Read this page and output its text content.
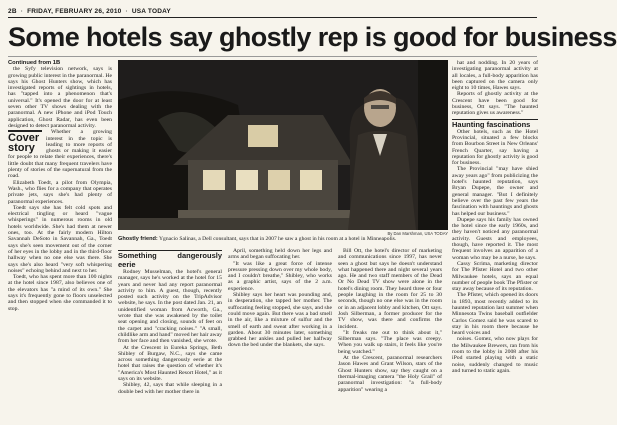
2B · FRIDAY, FEBRUARY 26, 2010 · USA TODAY
Some hotels say ghostly rep is good for business

Continued from 1B

the Syfy television network, says is growing public interest in the paranormal. He says his Ghost Hunters show, which has investigated reports of sightings in hotels, has "tapped into a phenomenon that's universal." It's opened the door for at least seven other TV shows dealing with the paranormal. A new iPhone and iPod Touch application, Ghost Radar, has even been designed to detect paranormal activity.

Cover story

Whether a growing interest in the topic is leading to more reports of ghosts or making it easier for people to relate their experiences, there's little doubt that many frequent travelers have plenty of stories of the supernatural from the road.

Elizabeth Toedt, a pilot from Olympia, Wash., who flies for a company that operates private jets, says she's had plenty of paranormal experiences.

Toedt says she has felt cold spots and electrical tingling or heard "vague whisperings" in numerous rooms in old hotels worldwide. She's had them at newer ones, too. At the fairly modern Hilton Savannah DeSoto in Savannah, Ga., Toedt says she's seen movement out of the corner of her eyes in the lobby and in the third-floor hallway when no one else was there. She says she's also heard "very soft whispering noises" echoing behind and next to her.

Toedt, who has spent more than 100 nights at the hotel since 1987, also believes one of the elevators has "a mind of its own." She says it's frequently gone to floors unselected and then stopped when she commanded it to stop.

By Dan Marshman, USA TODAY
Ghostly friend: Ygnacio Salinas, a Dell consultant, says that in 2007 he saw a ghost in his room at a hotel in Minneapolis.

Something dangerously eerie

Rodney Musselman, the hotel's general manager, says he's worked at the hotel for 15 years and never had any report paranormal activity to him. A guest, though, recently posted such activity on the TripAdvisor website, he says. In the post dated Jan. 21, an unidentified woman from Acworth, Ga., wrote that she was awakened by the toilet seat opening and closing, sounds of feet on the carpet and "cracking noises." "A small, childlike arm and hand" moved her hair away from her face and then vanished, she wrote.

At the Crescent in Eureka Springs, Beth Shibley of Burgaw, N.C., says she came across something dangerously eerie at the hotel that raises the question of whether it's "America's Most Haunted Resort Hotel," as it says on its website.

Shibley, 42, says that while sleeping in a double bed with her mother there in

April, something held down her legs and arms and began suffocating her.

"It was like a great force of intense pressure pressing down over my whole body, and I couldn't breathe," Shibley, who works as a graphic artist, says of the 2 a.m. experience.

Shibley says her heart was pounding and, in desperation, she tapped her mother. The suffocating feeling stopped, she says, and she could move again. But there was a bad smell in the air, like a mixture of sulfur and the smell of earth and sweat after working in a garden. About 30 minutes later, something grabbed her ankles and pulled her halfway down the bed under the blankets, she says.

Bill Ott, the hotel's director of marketing and communications since 1997, has never seen a ghost but says he doesn't understand what happened there and night several years ago. He and two staff members of the Dead Or No Dead TV show were alone in the hotel's dining room. They heard three or four people laughing in the room for 25 to 30 seconds, though no one else was in the room or in an adjacent lobby and kitchen, Ott says. Josh Silberman, a former producer for the TV show, was there and confirms the incident.

"It freaks me out to think about it," Silberman says. "The place was creepy. When you walk up stairs, it feels like you're being watched."

At the Crescent, paranormal researchers Jason Hawes and Grant Wilson, stars of the Ghost Hunters show, say they caught on a thermal-imaging camera "the Holy Grail" of paranormal investigation: "a full-body apparition" wearing a

hat and nodding. In 20 years of investigating paranormal activity at all locales, a full-body apparition has been captured on the camera only eight to 10 times, Hawes says.

Reports of ghostly activity at the Crescent have been good for business, Ott says. "The haunted reputation gives us awareness."

Haunting fascinations

Other hotels, such as the Hotel Provincial, situated a few blocks from Bourbon Street in New Orleans' French Quarter, say having a reputation for ghostly activity is good for business.

The Provincial "may have shied away years ago" from publicizing the hotel's haunted reputation, says Bryan Dupepe, the owner and general manager. "But I definitely believe over the past few years the fascination with hauntings and ghosts has helped our business."

Dupepe says his family has owned the hotel since the early 1960s, and they haven't noticed any paranormal activity. Guests and employees, though, have reported it. The most frequent involves an apparition of a woman who may be a nurse, he says.

Cassy Scrima, marketing director for The Pfister Hotel and two other Milwaukee hotels, says an equal number of people book The Pfister or stay away because of its reputation.

The Pfister, which opened its doors in 1893, most recently added to its haunted reputation last summer when Minnesota Twins baseball outfielder Carlos Gomez said he was scared to stay in his room there because he heard voices and

noises. Gomez, who now plays for the Milwaukee Brewers, ran from his room to the lobby in 2008 after his iPod started playing with a static noise, suddenly changed to music and turned to static again.
